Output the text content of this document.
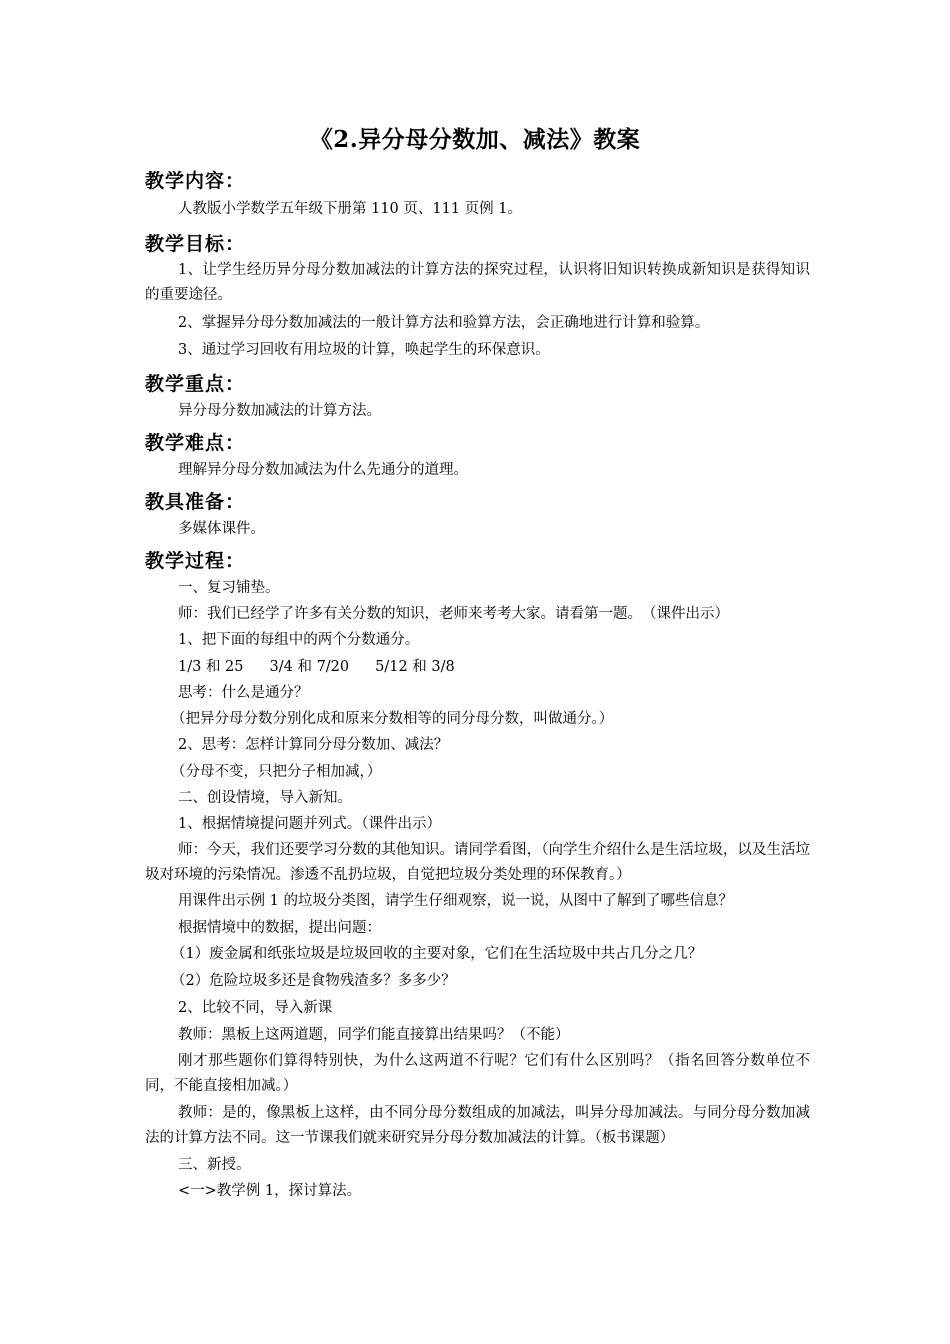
《2.异分母分数加、减法》教案
教学内容：
人教版小学数学五年级下册第 110 页、111 页例 1。
教学目标：
1、让学生经历异分母分数加减法的计算方法的探究过程，认识将旧知识转换成新知识是获得知识的重要途径。
2、掌握异分母分数加减法的一般计算方法和验算方法，会正确地进行计算和验算。
3、通过学习回收有用垃圾的计算，唤起学生的环保意识。
教学重点：
异分母分数加减法的计算方法。
教学难点：
理解异分母分数加减法为什么先通分的道理。
教具准备：
多媒体课件。
教学过程：
一、复习铺垫。
师：我们已经学了许多有关分数的知识，老师来考考大家。请看第一题。　（课件出示）
1、把下面的每组中的两个分数通分。
1/3 和 25 3/4 和 7/20 5/12 和 3/8
思考：什么是通分？
（把异分母分数分别化成和原来分数相等的同分母分数，叫做通分。）
2、思考：怎样计算同分母分数加、减法？
（分母不变，只把分子相加减，）
二、创设情境，导入新知。
1、根据情境提问题并列式。（课件出示）
师：今天，我们还要学习分数的其他知识。请同学看图，（向学生介绍什么是生活垃圾，以及生活垃圾对环境的污染情况。渗透不乱扔垃圾，自觉把垃圾分类处理的环保教育。）
用课件出示例 1 的垃圾分类图，请学生仔细观察，说一说，从图中了解到了哪些信息？
根据情境中的数据，提出问题：
（1）废金属和纸张垃圾是垃圾回收的主要对象，它们在生活垃圾中共占几分之几？
（2）危险垃圾多还是食物残渣多？多多少？
2、比较不同，导入新课
教师：黑板上这两道题，同学们能直接算出结果吗？（不能）
刚才那些题你们算得特别快，为什么这两道不行呢？它们有什么区别吗？（指名回答分数单位不同，不能直接相加减。）
教师：是的，像黑板上这样，由不同分母分数组成的加减法，叫异分母加减法。与同分母分数加减法的计算方法不同。这一节课我们就来研究异分母分数加减法的计算。（板书课题）
三、新授。
<一>教学例 1，探讨算法。
